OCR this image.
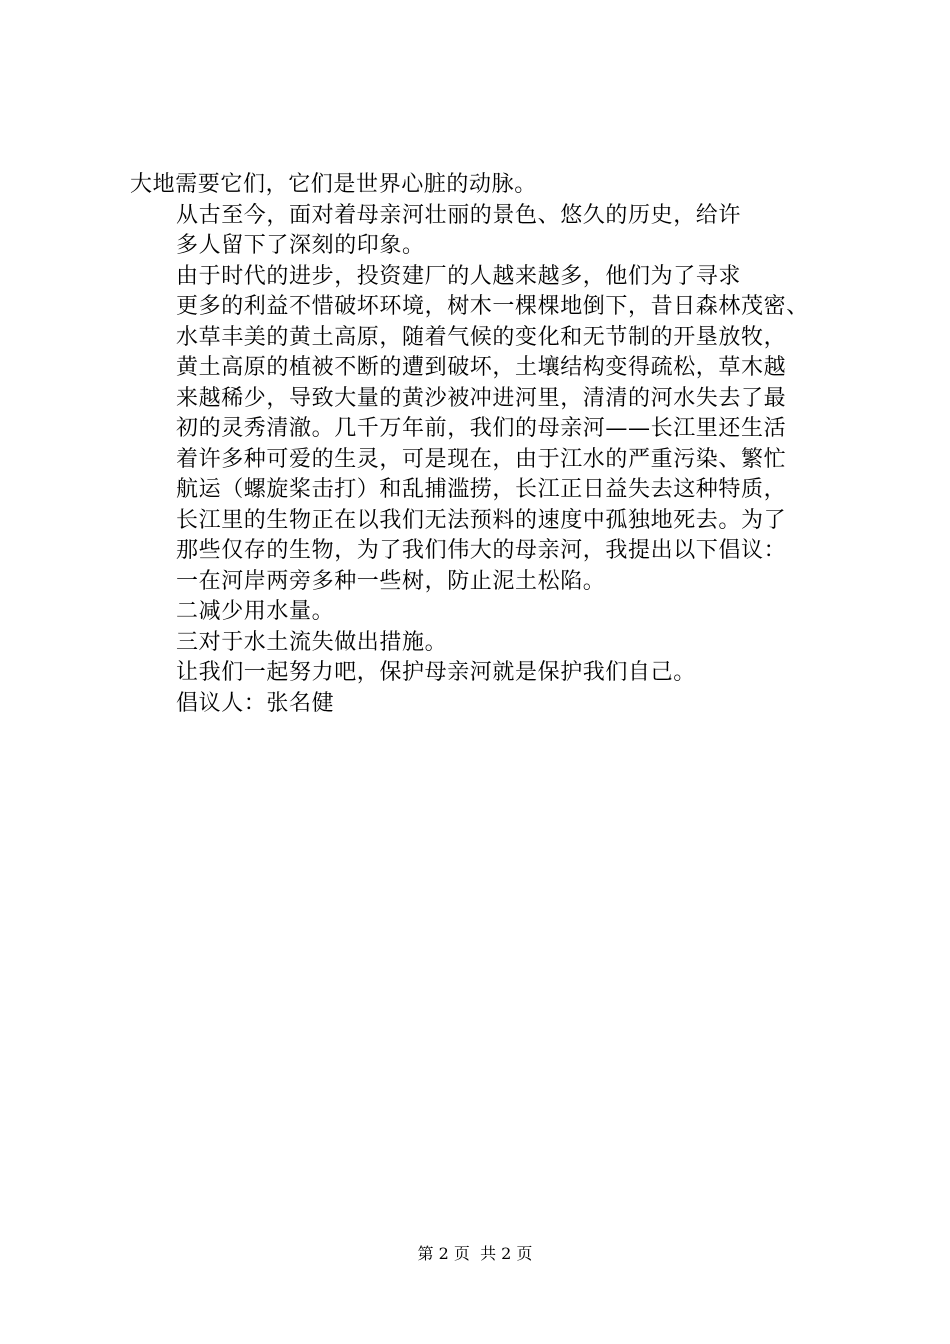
大地需要它们，它们是世界心脏的动脉。
从古至今，面对着母亲河壮丽的景色、悠久的历史，给许
多人留下了深刻的印象。
由于时代的进步，投资建厂的人越来越多，他们为了寻求
更多的利益不惜破坏环境，树木一棵棵地倒下，昔日森林茂密、
水草丰美的黄土高原，随着气候的变化和无节制的开垦放牧，
黄土高原的植被不断的遭到破坏，土壤结构变得疏松，草木越
来越稀少，导致大量的黄沙被冲进河里，清清的河水失去了最
初的灵秀清澈。几千万年前，我们的母亲河——长江里还生活
着许多种可爱的生灵，可是现在，由于江水的严重污染、繁忙
航运（螺旋桨击打）和乱捕滥捞，长江正日益失去这种特质，
长江里的生物正在以我们无法预料的速度中孤独地死去。为了
那些仅存的生物，为了我们伟大的母亲河，我提出以下倡议：
一在河岸两旁多种一些树，防止泥土松陷。
二减少用水量。
三对于水土流失做出措施。
让我们一起努力吧，保护母亲河就是保护我们自己。
倡议人：张名健
第 2 页  共 2 页
